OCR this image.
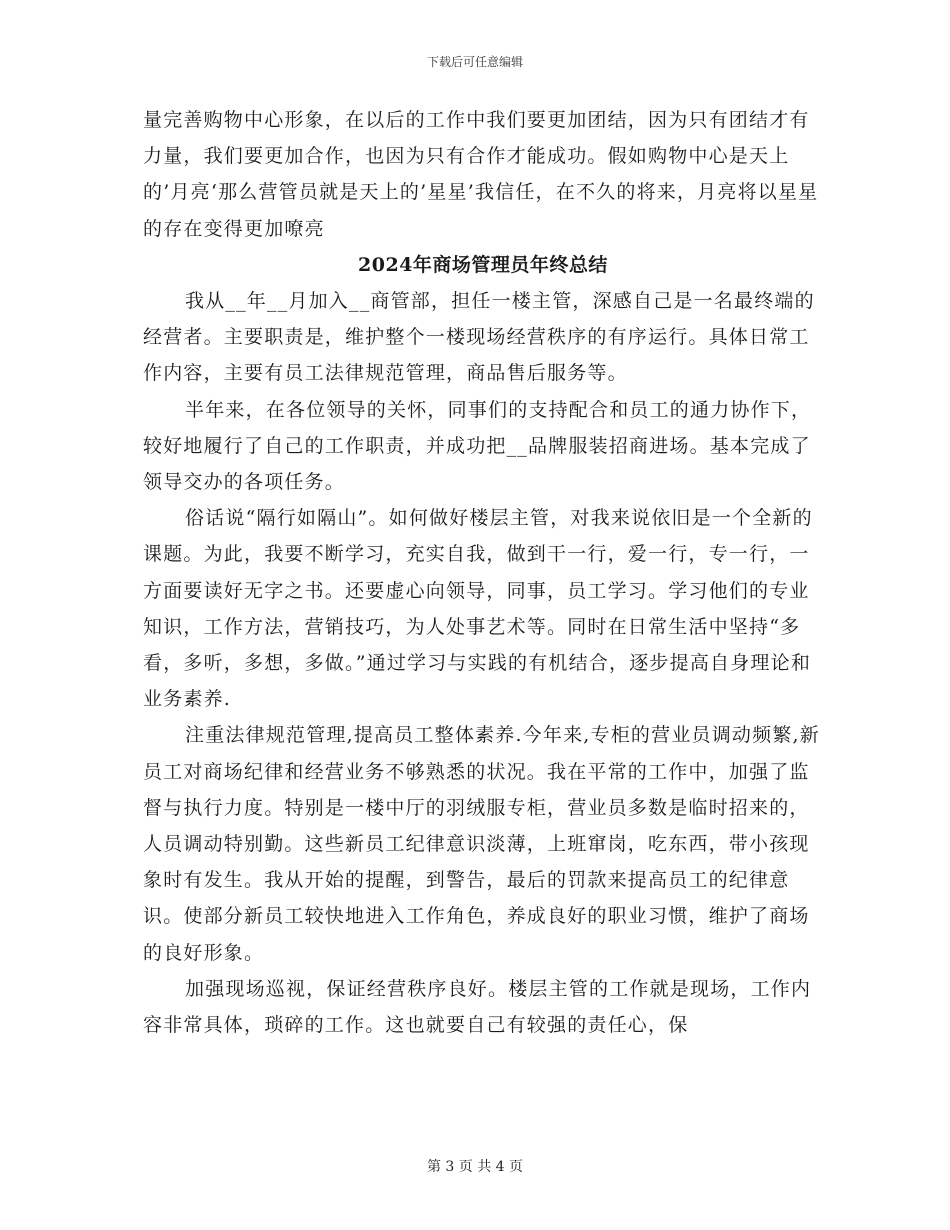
下载后可任意编辑

量完善购物中心形象，在以后的工作中我们要更加团结，因为只有团结才有力量，我们要更加合作，也因为只有合作才能成功。假如购物中心是天上的’月亮‘那么营管员就是天上的’星星’我信任，在不久的将来，月亮将以星星的存在变得更加嘹亮

2024年商场管理员年终总结

我从__年__月加入__商管部，担任一楼主管，深感自己是一名最终端的经营者。主要职责是，维护整个一楼现场经营秩序的有序运行。具体日常工作内容，主要有员工法律规范管理，商品售后服务等。

半年来，在各位领导的关怀，同事们的支持配合和员工的通力协作下，较好地履行了自己的工作职责，并成功把__品牌服装招商进场。基本完成了领导交办的各项任务。

俗话说“隔行如隔山”。如何做好楼层主管，对我来说依旧是一个全新的课题。为此，我要不断学习，充实自我，做到干一行，爱一行，专一行，一方面要读好无字之书。还要虚心向领导，同事，员工学习。学习他们的专业知识，工作方法，营销技巧，为人处事艺术等。同时在日常生活中坚持“多看，多听，多想，多做。”通过学习与实践的有机结合，逐步提高自身理论和业务素养.

注重法律规范管理,提高员工整体素养.今年来,专柜的营业员调动频繁,新员工对商场纪律和经营业务不够熟悉的状况。我在平常的工作中，加强了监督与执行力度。特别是一楼中厅的羽绒服专柜，营业员多数是临时招来的，人员调动特别勤。这些新员工纪律意识淡薄，上班窜岗，吃东西，带小孩现象时有发生。我从开始的提醒，到警告，最后的罚款来提高员工的纪律意识。使部分新员工较快地进入工作角色，养成良好的职业习惯，维护了商场的良好形象。

加强现场巡视，保证经营秩序良好。楼层主管的工作就是现场，工作内容非常具体，琐碎的工作。这也就要自己有较强的责任心，保

第 3 页 共 4 页
